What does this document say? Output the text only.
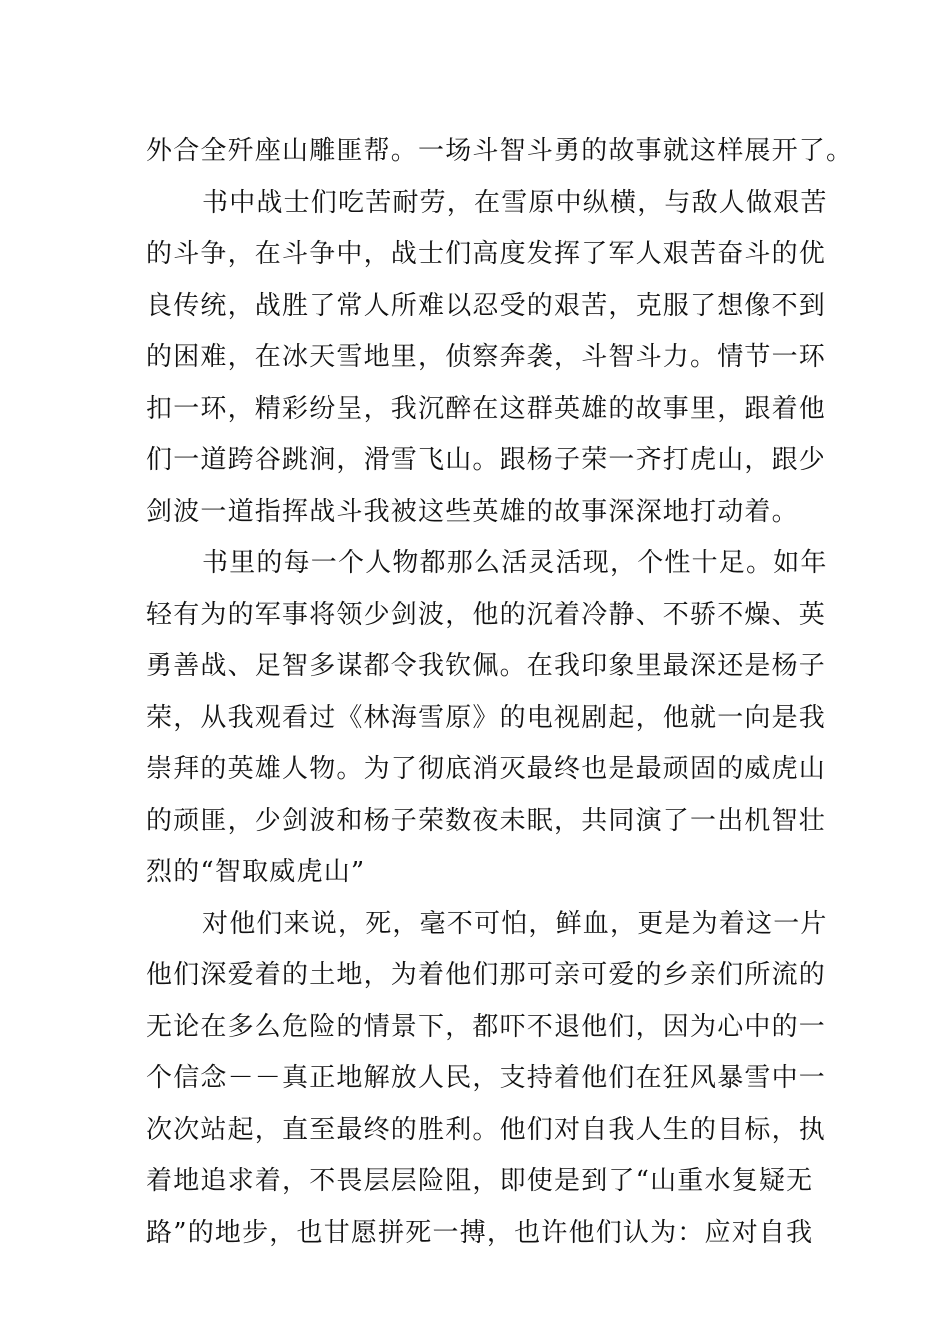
外合全歼座山雕匪帮。一场斗智斗勇的故事就这样展开了。
书中战士们吃苦耐劳，在雪原中纵横，与敌人做艰苦
的斗争，在斗争中，战士们高度发挥了军人艰苦奋斗的优
良传统，战胜了常人所难以忍受的艰苦，克服了想像不到
的困难，在冰天雪地里，侦察奔袭，斗智斗力。情节一环
扣一环，精彩纷呈，我沉醉在这群英雄的故事里，跟着他
们一道跨谷跳涧，滑雪飞山。跟杨子荣一齐打虎山，跟少
剑波一道指挥战斗我被这些英雄的故事深深地打动着。
书里的每一个人物都那么活灵活现，个性十足。如年
轻有为的军事将领少剑波，他的沉着冷静、不骄不燥、英
勇善战、足智多谋都令我钦佩。在我印象里最深还是杨子
荣，从我观看过《林海雪原》的电视剧起，他就一向是我
崇拜的英雄人物。为了彻底消灭最终也是最顽固的威虎山
的顽匪，少剑波和杨子荣数夜未眠，共同演了一出机智壮
烈的“智取威虎山”
对他们来说，死，毫不可怕，鲜血，更是为着这一片
他们深爱着的土地，为着他们那可亲可爱的乡亲们所流的
无论在多么危险的情景下，都吓不退他们，因为心中的一
个信念－－真正地解放人民，支持着他们在狂风暴雪中一
次次站起，直至最终的胜利。他们对自我人生的目标，执
着地追求着，不畏层层险阻，即使是到了“山重水复疑无
路”的地步，也甘愿拼死一搏，也许他们认为：应对自我
